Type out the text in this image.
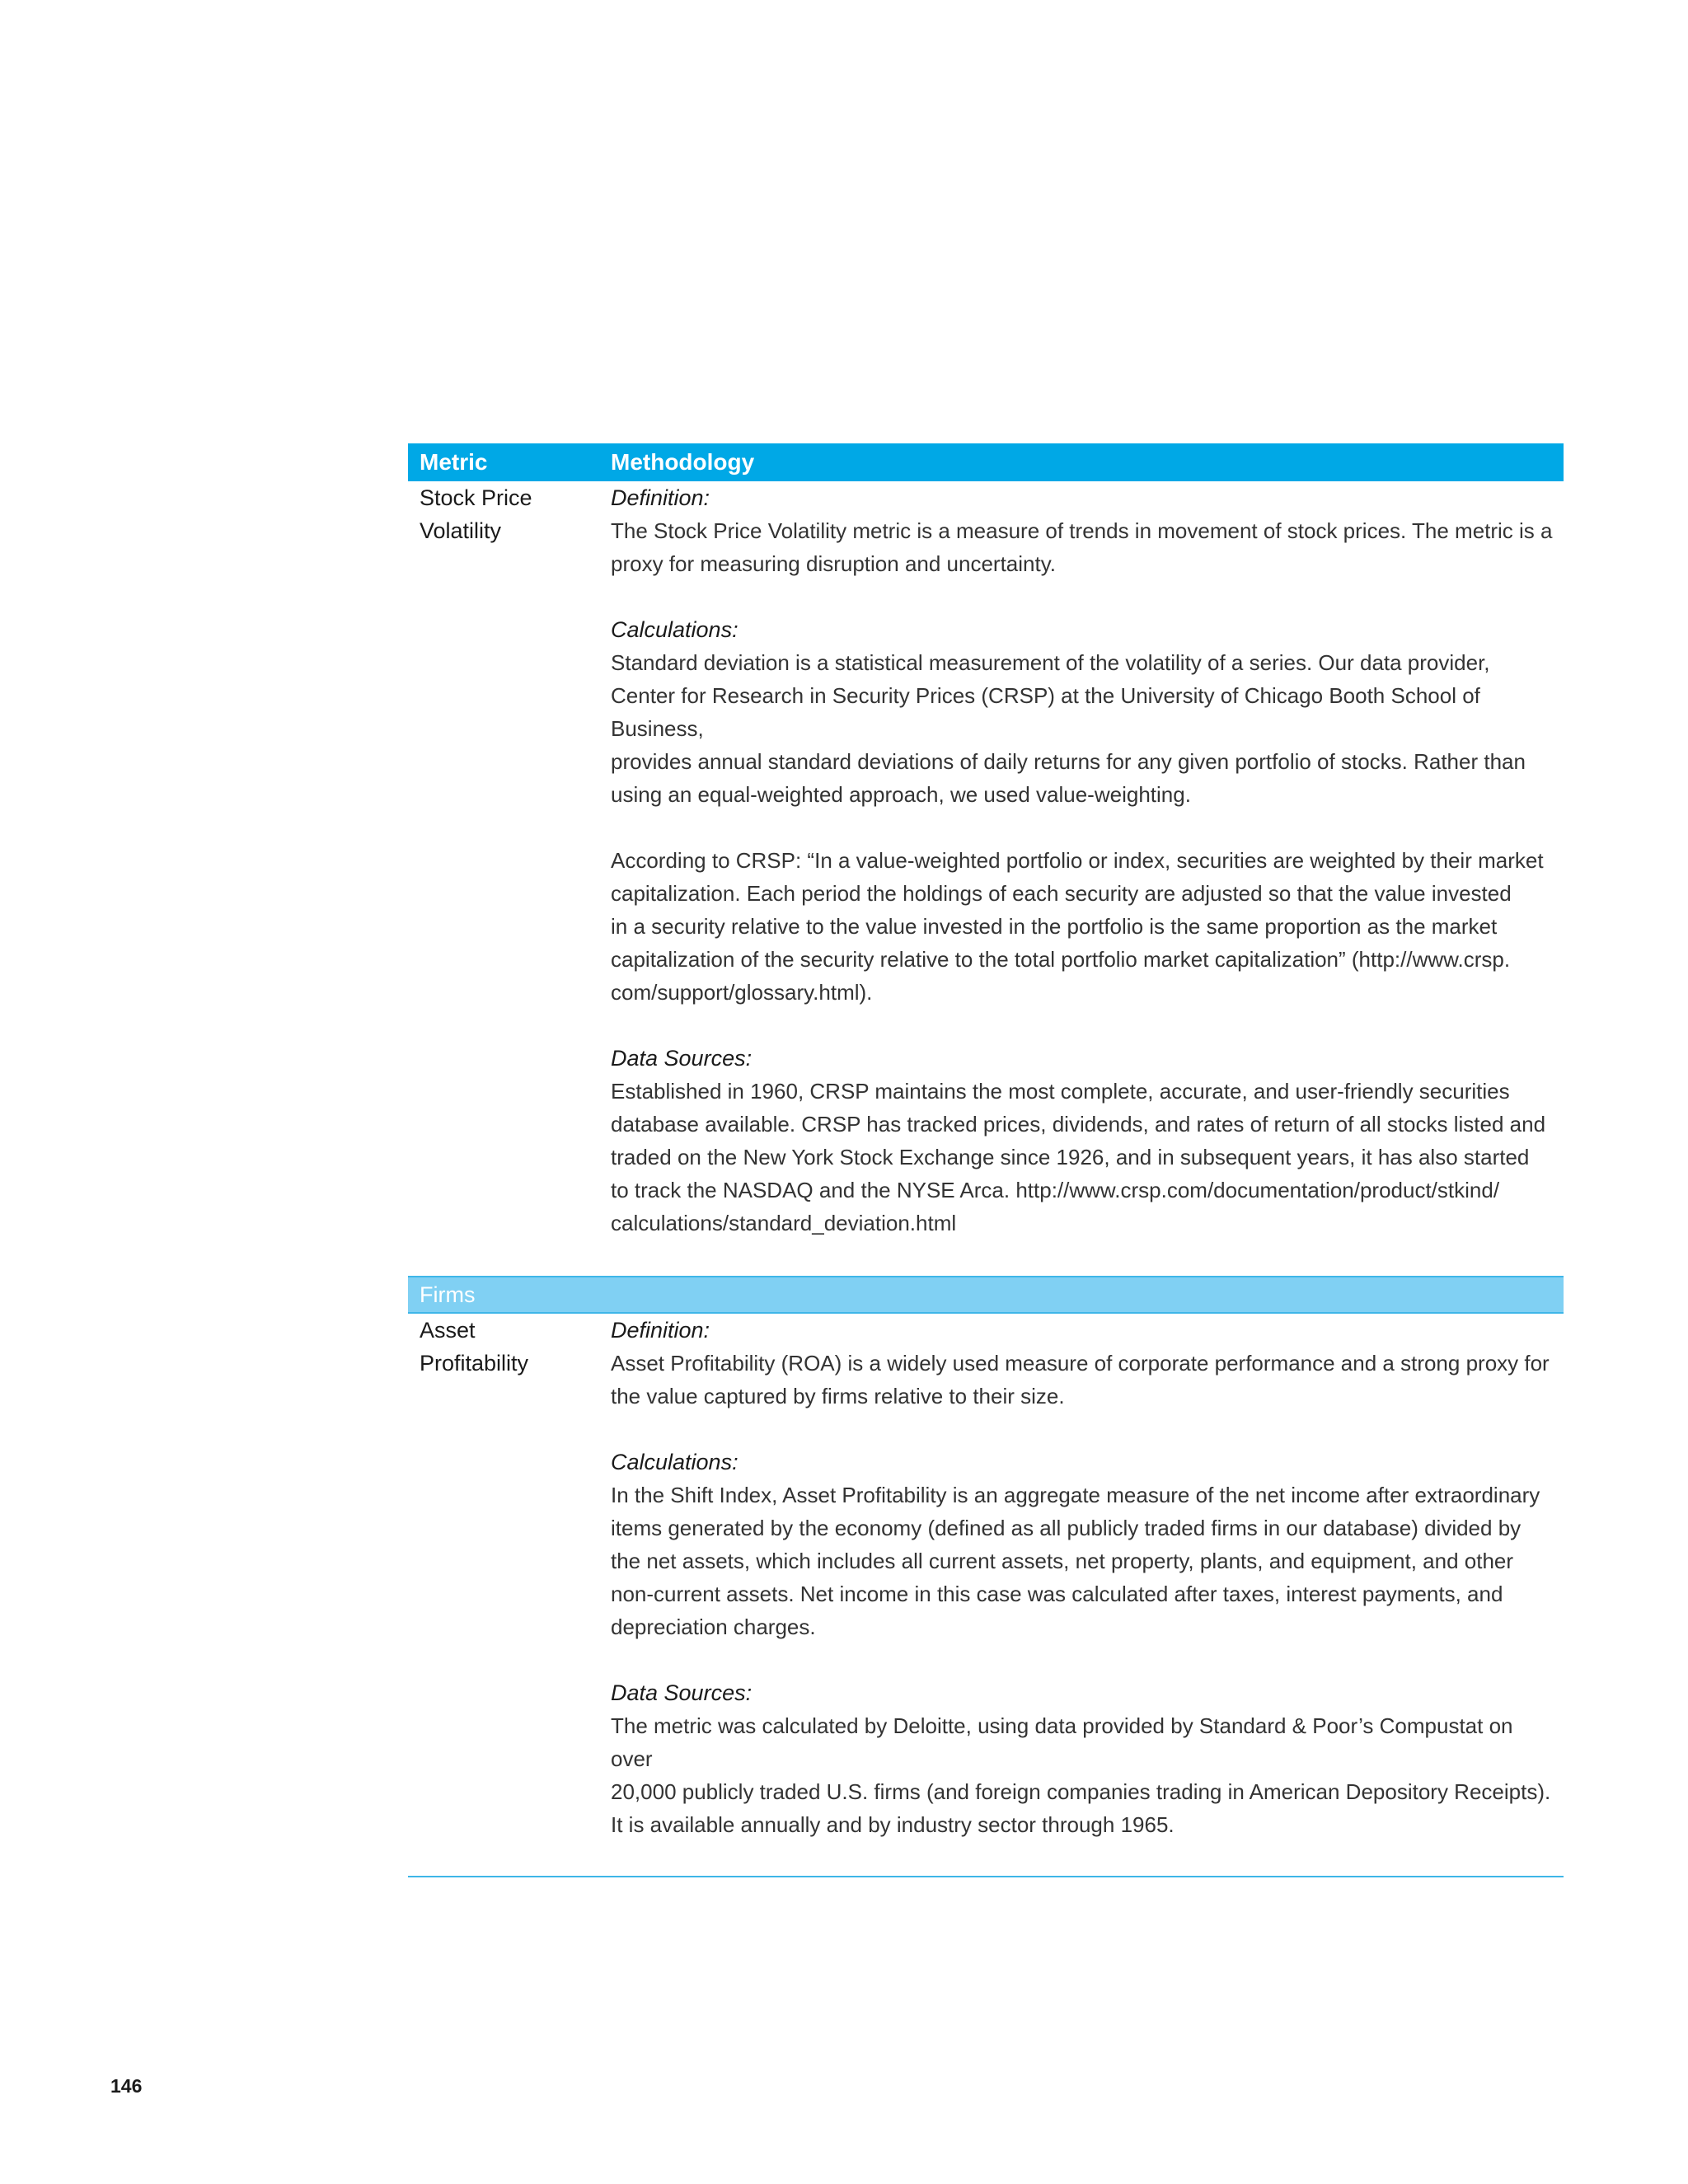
Metric	Methodology
Stock Price
Volatility
Definition:
The Stock Price Volatility metric is a measure of trends in movement of stock prices. The metric is a
proxy for measuring disruption and uncertainty.
Calculations:
Standard deviation is a statistical measurement of the volatility of a series. Our data provider,
Center for Research in Security Prices (CRSP) at the University of Chicago Booth School of Business,
provides annual standard deviations of daily returns for any given portfolio of stocks. Rather than
using an equal-weighted approach, we used value-weighting.
According to CRSP: “In a value-weighted portfolio or index, securities are weighted by their market
capitalization. Each period the holdings of each security are adjusted so that the value invested
in a security relative to the value invested in the portfolio is the same proportion as the market
capitalization of the security relative to the total portfolio market capitalization” (http://www.crsp.
com/support/glossary.html).
Data Sources:
Established in 1960, CRSP maintains the most complete, accurate, and user-friendly securities
database available. CRSP has tracked prices, dividends, and rates of return of all stocks listed and
traded on the New York Stock Exchange since 1926, and in subsequent years, it has also started
to track the NASDAQ and the NYSE Arca. http://www.crsp.com/documentation/product/stkind/
calculations/standard_deviation.html
Firms
Asset
Profitability
Definition:
Asset Profitability (ROA) is a widely used measure of corporate performance and a strong proxy for
the value captured by firms relative to their size.
Calculations:
In the Shift Index, Asset Profitability is an aggregate measure of the net income after extraordinary
items generated by the economy (defined as all publicly traded firms in our database) divided by
the net assets, which includes all current assets, net property, plants, and equipment, and other
non-current assets. Net income in this case was calculated after taxes, interest payments, and
depreciation charges.
Data Sources:
The metric was calculated by Deloitte, using data provided by Standard & Poor’s Compustat on over
20,000 publicly traded U.S. firms (and foreign companies trading in American Depository Receipts).
It is available annually and by industry sector through 1965.
146
